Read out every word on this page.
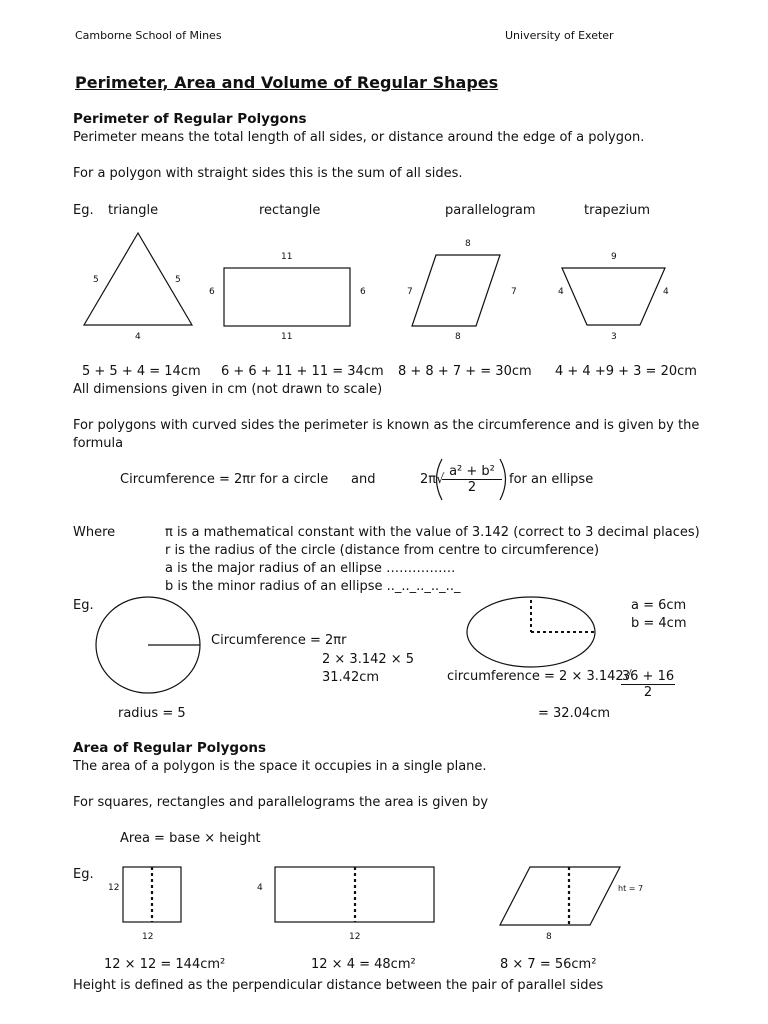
Camborne School of Mines	University of Exeter
Perimeter, Area and Volume of Regular Shapes
Perimeter of Regular Polygons
Perimeter means the total length of all sides, or distance around the edge of a polygon.
For a polygon with straight sides this is the sum of all sides.
Eg. triangle	rectangle	parallelogram	trapezium
5	5
4
11
11
6	6
8
8
7	7
9
3
4	4
5 + 5 + 4 = 14cm 6 + 6 + 11 + 11 = 34cm 8 + 8 + 7 + = 30cm 4 + 4 +9 + 3 = 20cm
All dimensions given in cm (not drawn to scale)
For polygons with curved sides the perimeter is known as the circumference and is given by the
formula
Circumference = 2πr for a circle and	2π√
$\frac{\text{a² + b²}}{2}$ for an ellipse
Where	π is a mathematical constant with the value of 3.142 (correct to 3 decimal places)
r is the radius of the circle (distance from centre to circumference)
a is the major radius of an ellipse …………….
b is the minor radius of an ellipse .._.._.._.._.._
Eg.
Circumference = 2πr
2 × 3.142 × 5
31.42cm
radius = 5
a = 6cm
b = 4cm
circumference = 2 × 3.142√
$\frac{36 + 16}{2}$
= 32.04cm
Area of Regular Polygons
The area of a polygon is the space it occupies in a single plane.
For squares, rectangles and parallelograms the area is given by
Area = base × height
Eg.
12
12
4
12
ht = 7
8
12 × 12 = 144cm²	12 × 4 = 48cm²	8 × 7 = 56cm²
Height is defined as the perpendicular distance between the pair of parallel sides
